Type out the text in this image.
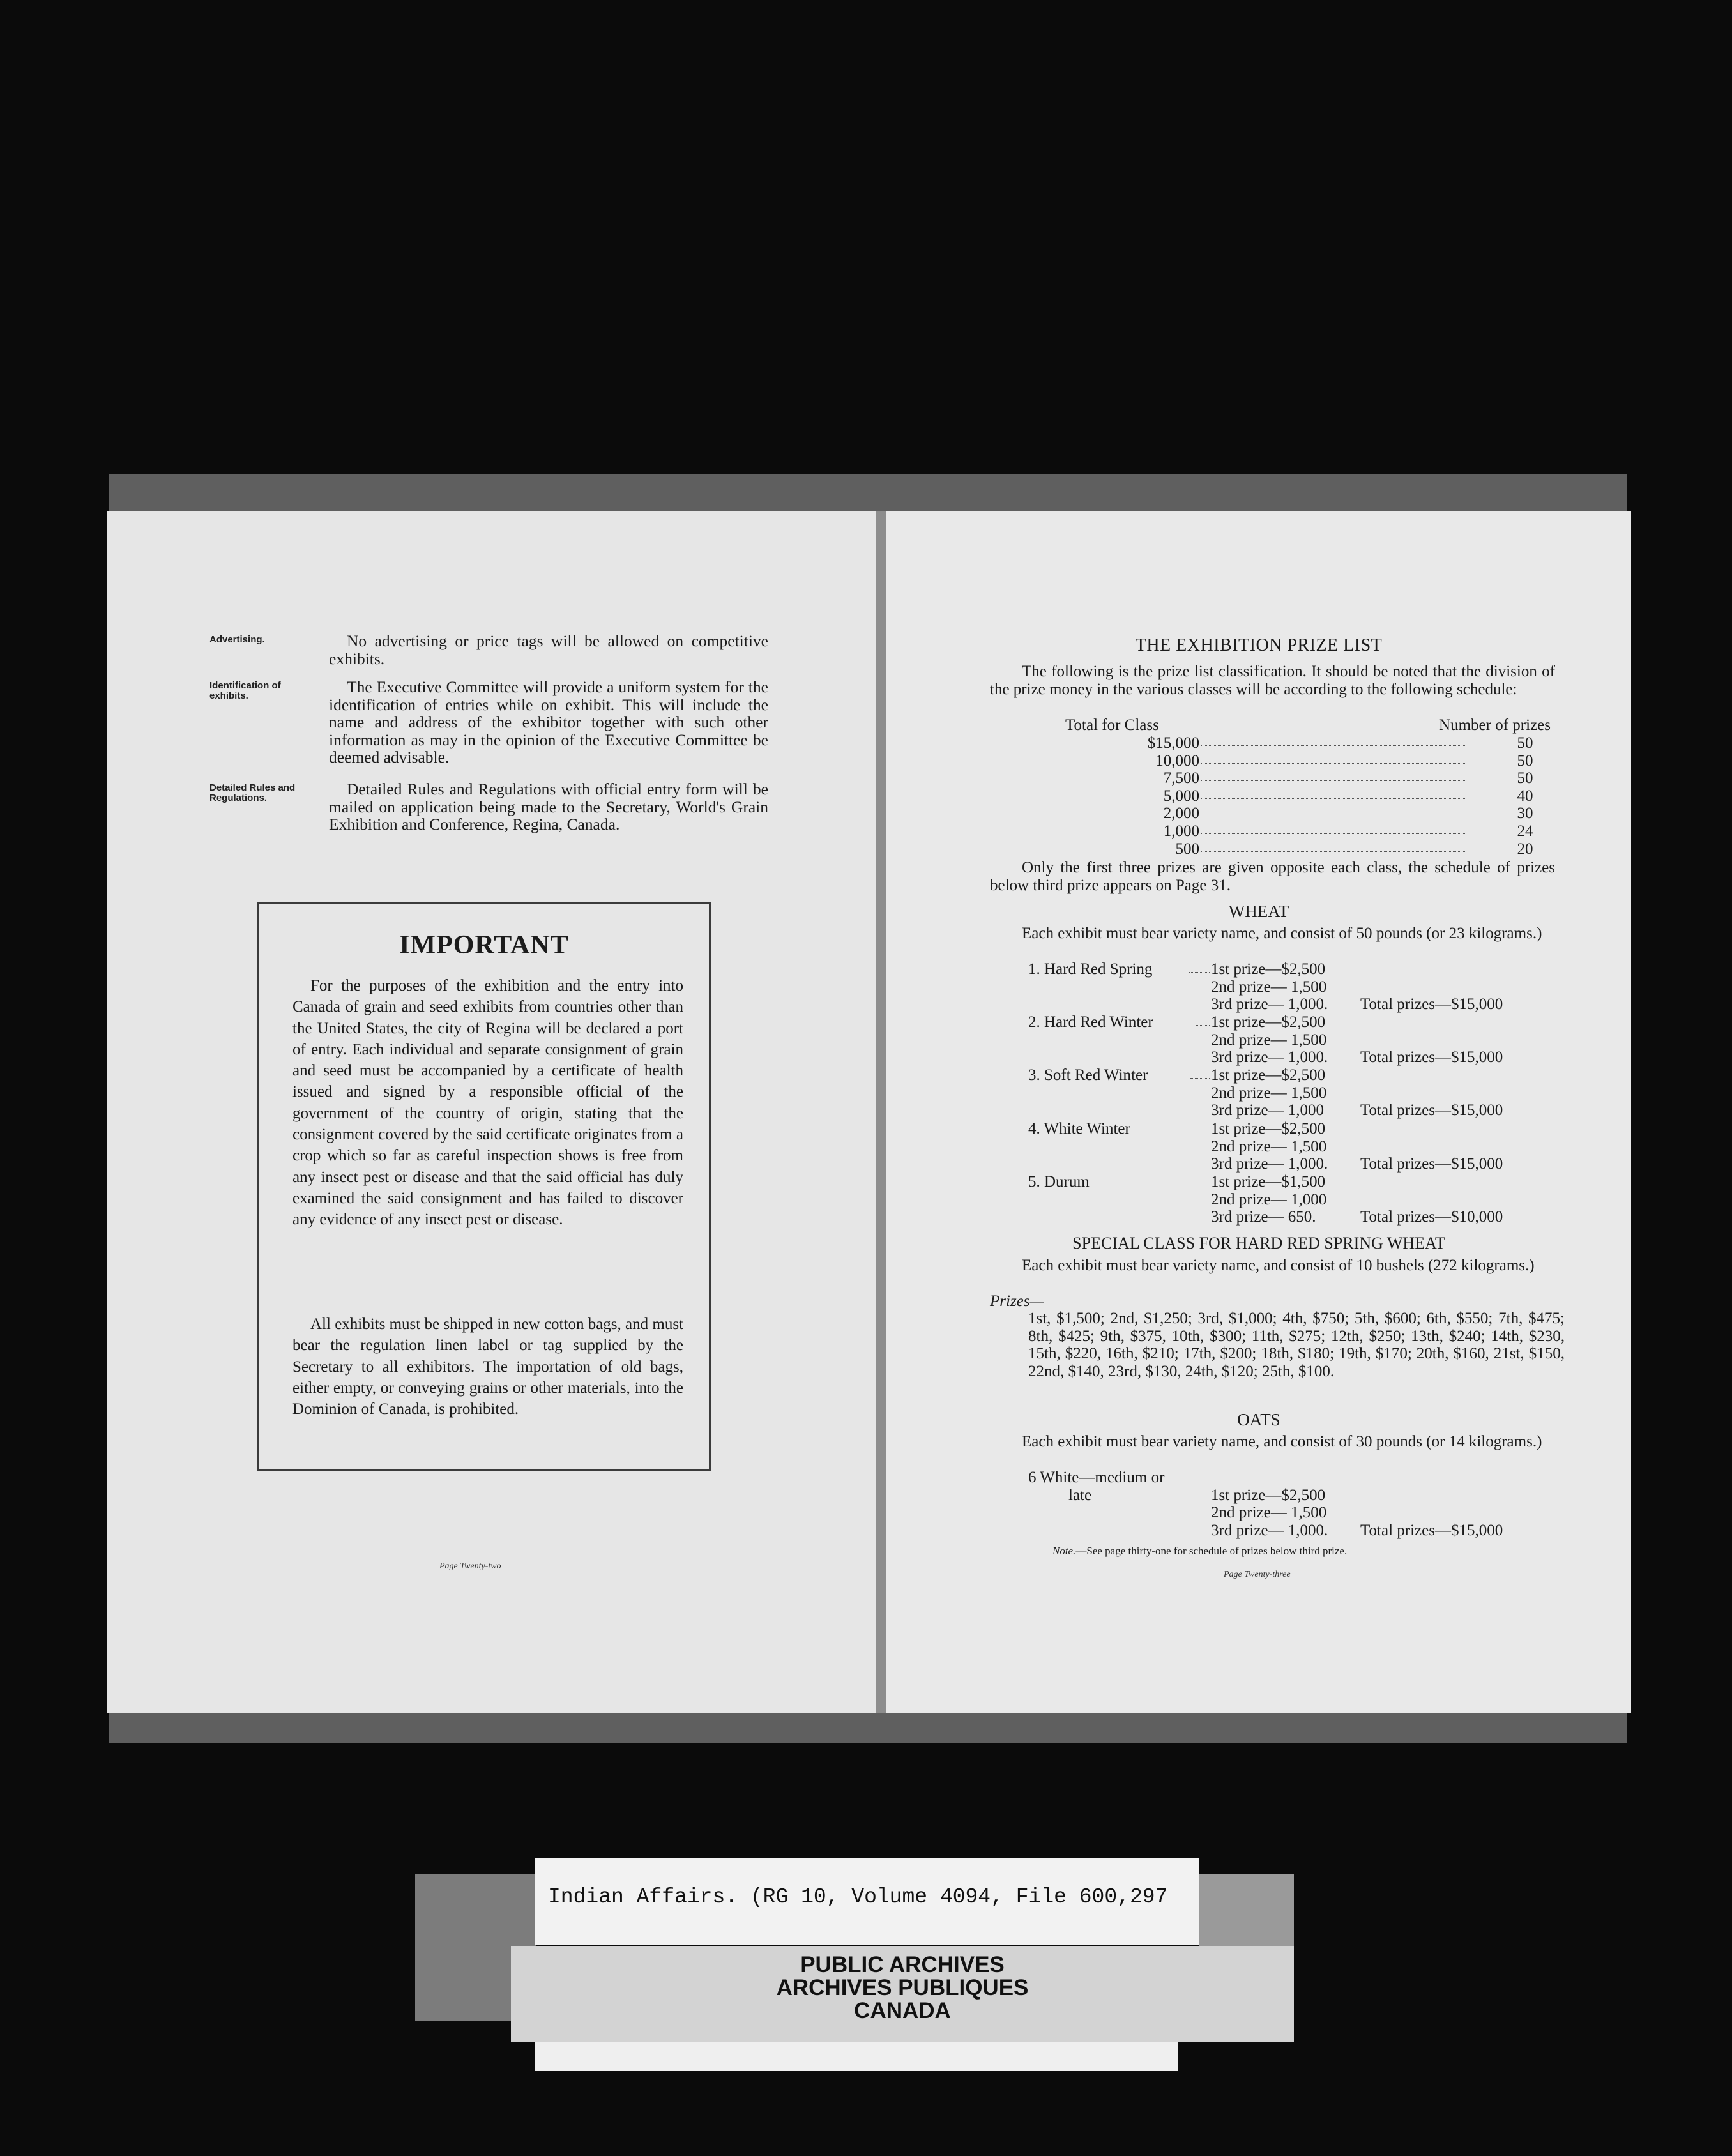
Advertising.	No advertising or price tags will be allowed on competitive exhibits.

Identification of exhibits.	The Executive Committee will provide a uniform system for the identification of entries while on exhibit. This will include the name and address of the exhibitor together with such other information as may in the opinion of the Executive Committee be deemed advisable.

Detailed Rules and Regulations.	Detailed Rules and Regulations with official entry form will be mailed on application being made to the Secretary, World's Grain Exhibition and Conference, Regina, Canada.

Page Twenty-two
IMPORTANT

For the purposes of the exhibition and the entry into Canada of grain and seed exhibits from countries other than the United States, the city of Regina will be declared a port of entry. Each individual and separate consignment of grain and seed must be accompanied by a certificate of health issued and signed by a responsible official of the government of the country of origin, stating that the consignment covered by the said certificate originates from a crop which so far as careful inspection shows is free from any insect pest or disease and that the said official has duly examined the said consignment and has failed to discover any evidence of any insect pest or disease.

All exhibits must be shipped in new cotton bags, and must bear the regulation linen label or tag supplied by the Secretary to all exhibitors. The importation of old bags, either empty, or conveying grains or other materials, into the Dominion of Canada, is prohibited.

THE EXHIBITION PRIZE LIST

The following is the prize list classification. It should be noted that the division of the prize money in the various classes will be according to the following schedule:

Total for Class	Number of prizes
$15,000	50
10,000	50
7,500	50
5,000	40
2,000	30
1,000	24
500	20

Only the first three prizes are given opposite each class, the schedule of prizes below third prize appears on Page 31.

WHEAT

Each exhibit must bear variety name, and consist of 50 pounds (or 23 kilograms.)

1. Hard Red Spring	1st prize—$2,500
2nd prize— 1,500
3rd prize— 1,000. Total prizes—$15,000
2. Hard Red Winter	1st prize—$2,500
2nd prize— 1,500
3rd prize— 1,000. Total prizes—$15,000
3. Soft Red Winter	1st prize—$2,500
2nd prize— 1,500
3rd prize— 1,000 Total prizes—$15,000
4. White Winter	1st prize—$2,500
2nd prize— 1,500
3rd prize— 1,000. Total prizes—$15,000
5. Durum	1st prize—$1,500
2nd prize— 1,000
3rd prize— 650.	Total prizes—$10,000
SPECIAL CLASS FOR HARD RED SPRING WHEAT

Each exhibit must bear variety name, and consist of 10 bushels (272 kilograms.)

Prizes—

1st, $1,500; 2nd, $1,250; 3rd, $1,000; 4th, $750; 5th, $600; 6th, $550; 7th, $475; 8th, $425; 9th, $375, 10th, $300; 11th, $275; 12th, $250; 13th, $240; 14th, $230, 15th, $220, 16th, $210; 17th, $200; 18th, $180; 19th, $170; 20th, $160, 21st, $150, 22nd, $140, 23rd, $130, 24th, $120; 25th, $100.

OATS

Each exhibit must bear variety name, and consist of 30 pounds (or 14 kilograms.)

6 White—medium or
late	1st prize—$2,500
2nd prize— 1,500
3rd prize— 1,000. Total prizes—$15,000
Note.—See page thirty-one for schedule of prizes below third prize.
Page Twenty-three
Indian Affairs. (RG 10, Volume 4094, File 600,297
PUBLIC ARCHIVES
ARCHIVES PUBLIQUES
CANADA
